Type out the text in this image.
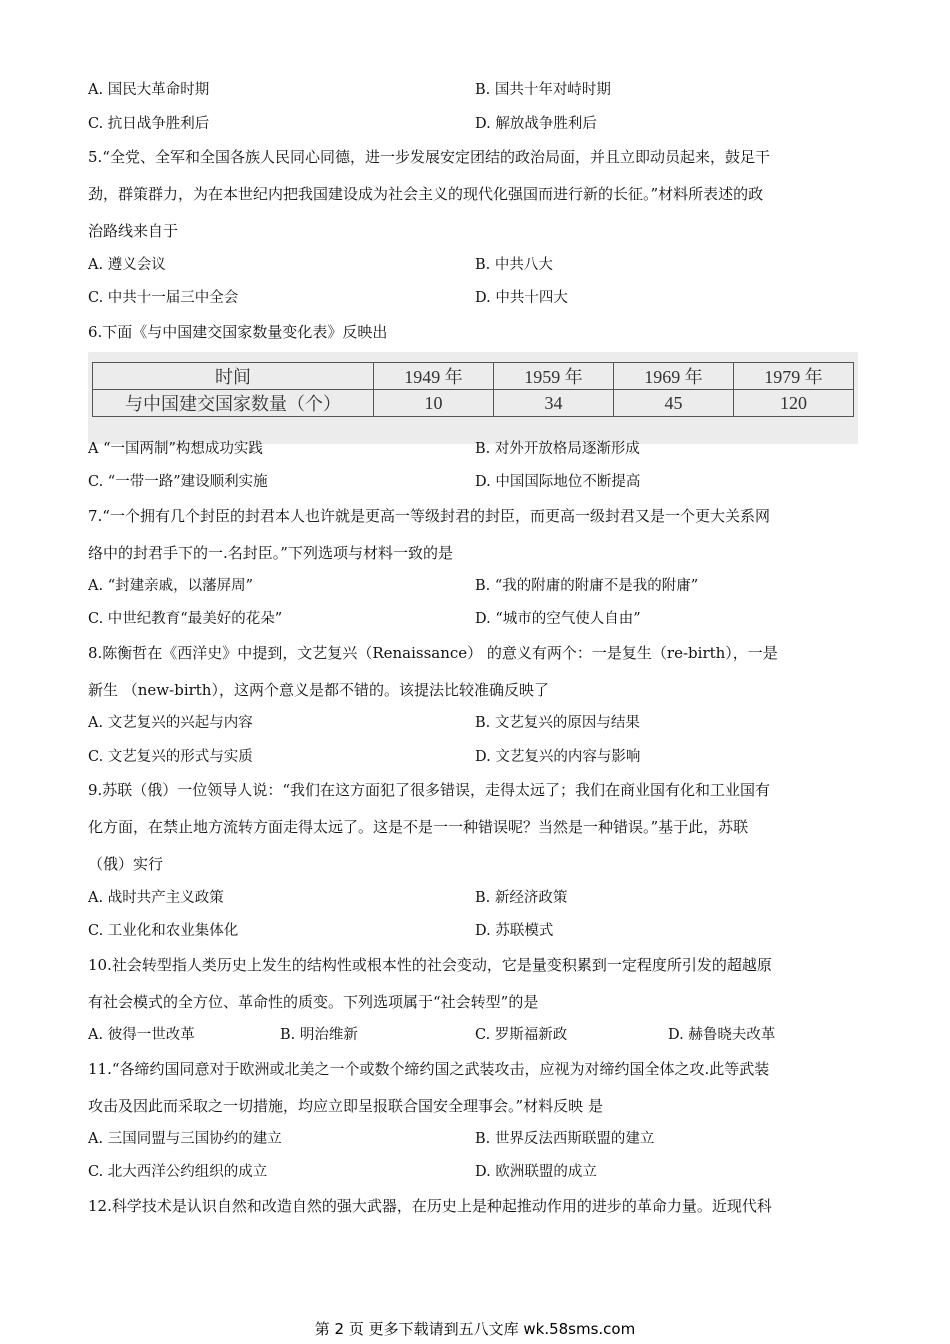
A. 国民大革命时期	B. 国共十年对峙时期
C. 抗日战争胜利后	D. 解放战争胜利后
5.“全党、全军和全国各族人民同心同德，进一步发展安定团结的政治局面，并且立即动员起来，鼓足干
劲，群策群力，为在本世纪内把我国建设成为社会主义的现代化强国而进行新的长征。”材料所表述的政
治路线来自于
A. 遵义会议	B. 中共八大
C. 中共十一届三中全会	D. 中共十四大
6.下面《与中国建交国家数量变化表》反映出
时间	1949 年	1959 年	1969 年	1979 年
与中国建交国家数量（个）	10	34	45	120
A “一国两制”构想成功实践	B. 对外开放格局逐渐形成
C. “一带一路”建设顺利实施	D. 中国国际地位不断提高
7.“一个拥有几个封臣的封君本人也许就是更高一等级封君的封臣，而更高一级封君又是一个更大关系网
络中的封君手下的一.名封臣。”下列选项与材料一致的是
A. “封建亲戚，以藩屏周”	B. “我的附庸的附庸不是我的附庸”
C. 中世纪教育“最美好的花朵”	D. “城市的空气使人自由”
8.陈衡哲在《西洋史》中提到，文艺复兴（Renaissance） 的意义有两个：一是复生（re-birth），一是
新生 （new-birth），这两个意义是都不错的。该提法比较准确反映了
A. 文艺复兴的兴起与内容	B. 文艺复兴的原因与结果
C. 文艺复兴的形式与实质	D. 文艺复兴的内容与影响
9.苏联（俄）一位领导人说：“我们在这方面犯了很多错误，走得太远了；我们在商业国有化和工业国有
化方面，在禁止地方流转方面走得太远了。这是不是一一种错误呢？当然是一种错误。”基于此，苏联
（俄）实行
A. 战时共产主义政策	B. 新经济政策
C. 工业化和农业集体化	D. 苏联模式
10.社会转型指人类历史上发生的结构性或根本性的社会变动，它是量变积累到一定程度所引发的超越原
有社会模式的全方位、革命性的质变。下列选项属于“社会转型”的是
A. 彼得一世改革	B. 明治维新	C. 罗斯福新政	D. 赫鲁晓夫改革
11.“各缔约国同意对于欧洲或北美之一个或数个缔约国之武装攻击，应视为对缔约国全体之攻.此等武装
攻击及因此而采取之一切措施，均应立即呈报联合国安全理事会。”材料反映 是
A. 三国同盟与三国协约的建立	B. 世界反法西斯联盟的建立
C. 北大西洋公约组织的成立	D. 欧洲联盟的成立
12.科学技术是认识自然和改造自然的强大武器，在历史上是种起推动作用的进步的革命力量。近现代科
第 2 页 更多下载请到五八文库 wk.58sms.com
